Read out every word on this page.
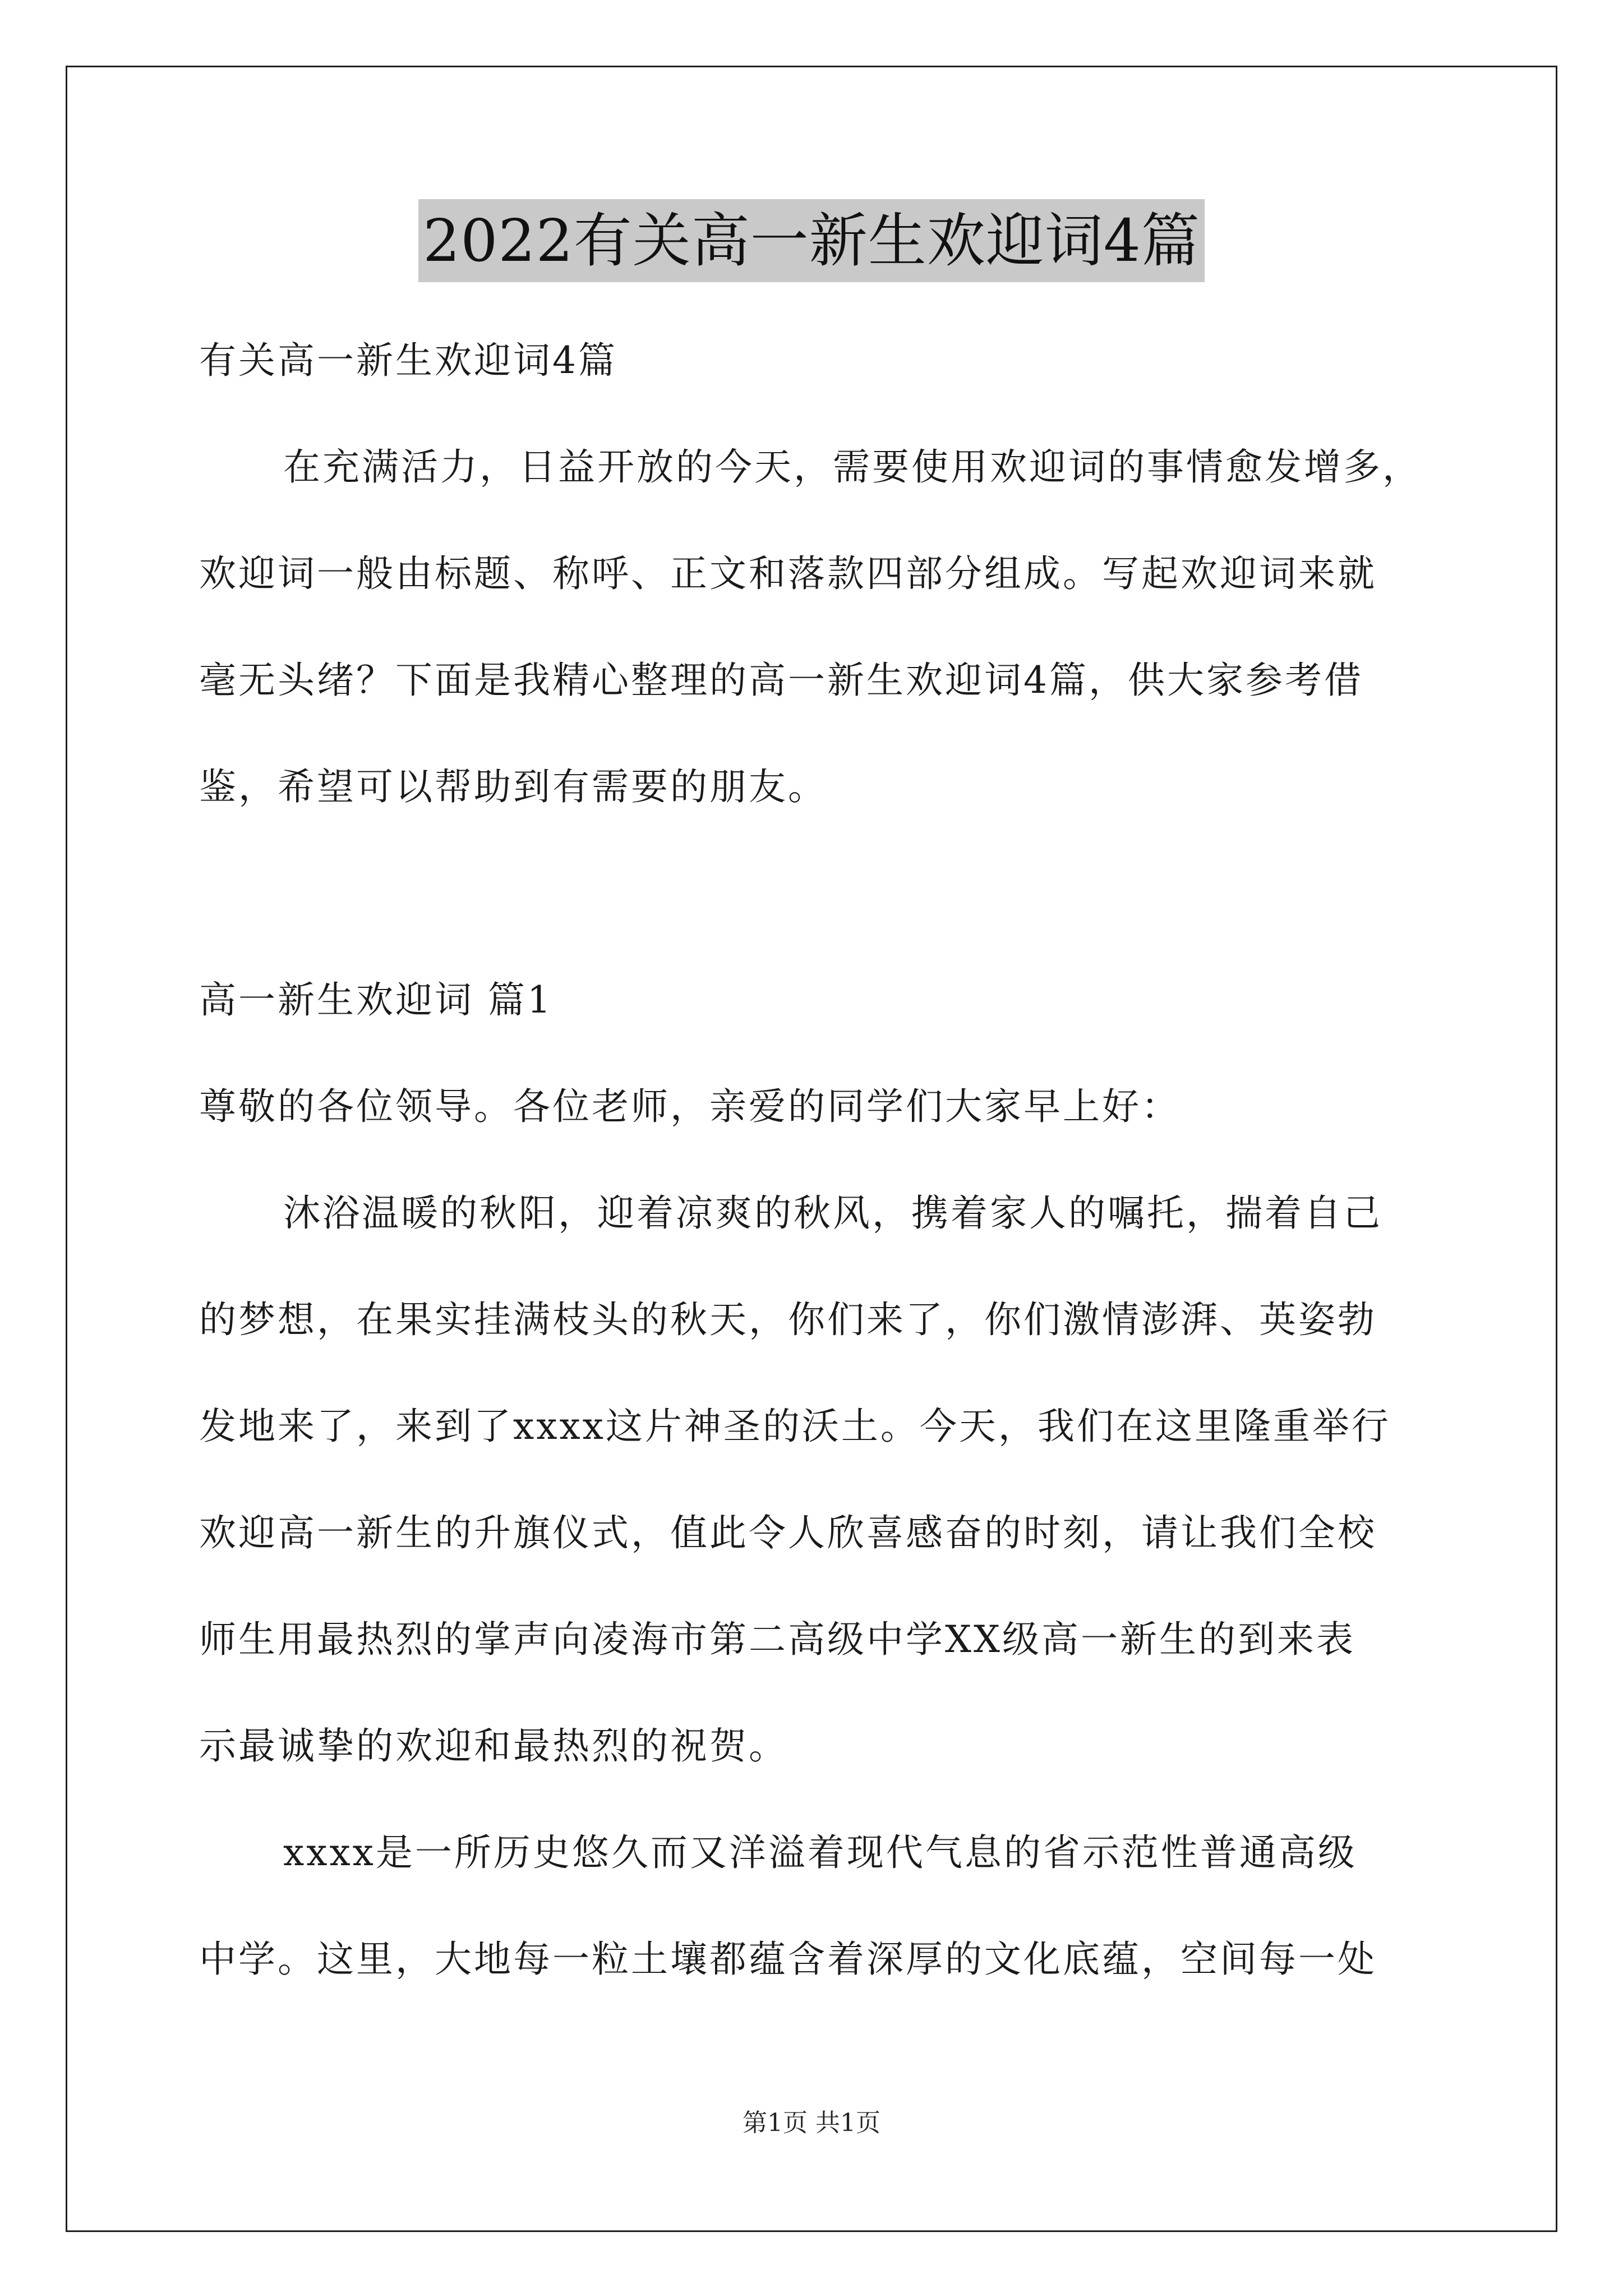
2022有关高一新生欢迎词4篇

有关高一新生欢迎词4篇

在充满活力，日益开放的今天，需要使用欢迎词的事情愈发增多，

欢迎词一般由标题、称呼、正文和落款四部分组成。写起欢迎词来就

毫无头绪？下面是我精心整理的高一新生欢迎词4篇，供大家参考借

鉴，希望可以帮助到有需要的朋友。

高一新生欢迎词 篇1

尊敬的各位领导。各位老师，亲爱的同学们大家早上好：

沐浴温暖的秋阳，迎着凉爽的秋风，携着家人的嘱托，揣着自己

的梦想，在果实挂满枝头的秋天，你们来了，你们激情澎湃、英姿勃

发地来了，来到了xxxx这片神圣的沃土。今天，我们在这里隆重举行

欢迎高一新生的升旗仪式，值此令人欣喜感奋的时刻，请让我们全校

师生用最热烈的掌声向凌海市第二高级中学XX级高一新生的到来表

示最诚挚的欢迎和最热烈的祝贺。

xxxx是一所历史悠久而又洋溢着现代气息的省示范性普通高级

中学。这里，大地每一粒土壤都蕴含着深厚的文化底蕴，空间每一处

第1页 共1页
